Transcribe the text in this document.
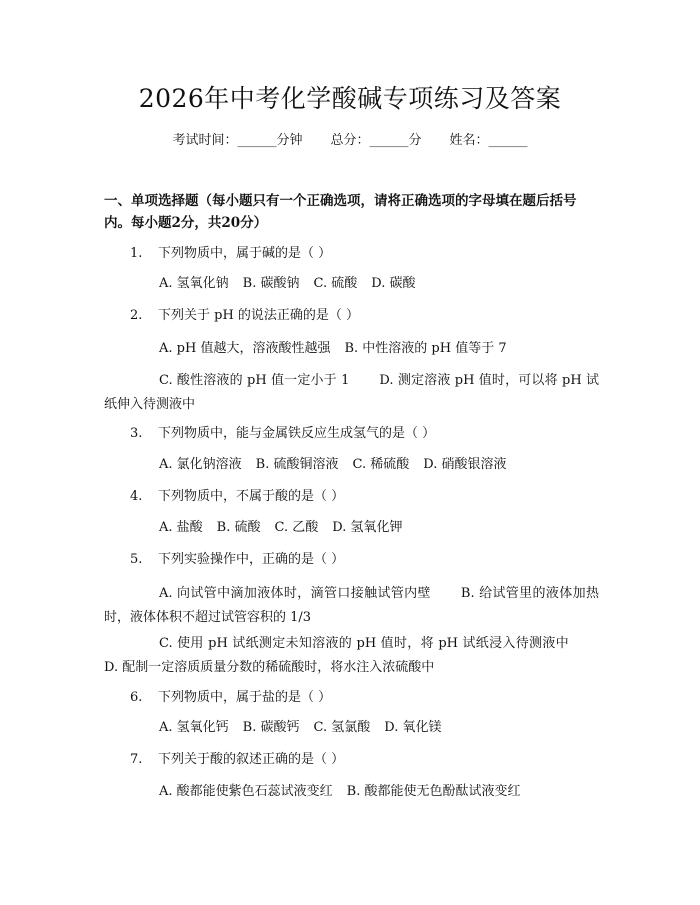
2026年中考化学酸碱专项练习及答案
考试时间：______分钟 总分：______分 姓名：______
一、单项选择题（每小题只有一个正确选项，请将正确选项的字母填在题后括号内。每小题2分，共20分）
1. 下列物质中，属于碱的是（ ）
A. 氢氧化钠 B. 碳酸钠 C. 硫酸 D. 碳酸
2. 下列关于 pH 的说法正确的是（ ）
A. pH 值越大，溶液酸性越强 B. 中性溶液的 pH 值等于 7
C. 酸性溶液的 pH 值一定小于 1 D. 测定溶液 pH 值时，可以将 pH 试纸伸入待测液中
3. 下列物质中，能与金属铁反应生成氢气的是（ ）
A. 氯化钠溶液 B. 硫酸铜溶液 C. 稀硫酸 D. 硝酸银溶液
4. 下列物质中，不属于酸的是（ ）
A. 盐酸 B. 硫酸 C. 乙酸 D. 氢氧化钾
5. 下列实验操作中，正确的是（ ）
A. 向试管中滴加液体时，滴管口接触试管内壁 B. 给试管里的液体加热时，液体体积不超过试管容积的 1/3
C. 使用 pH 试纸测定未知溶液的 pH 值时，将 pH 试纸浸入待测液中D. 配制一定溶质质量分数的稀硫酸时，将水注入浓硫酸中
6. 下列物质中，属于盐的是（ ）
A. 氢氧化钙 B. 碳酸钙 C. 氢氯酸 D. 氧化镁
7. 下列关于酸的叙述正确的是（ ）
A. 酸都能使紫色石蕊试液变红 B. 酸都能使无色酚酞试液变红
